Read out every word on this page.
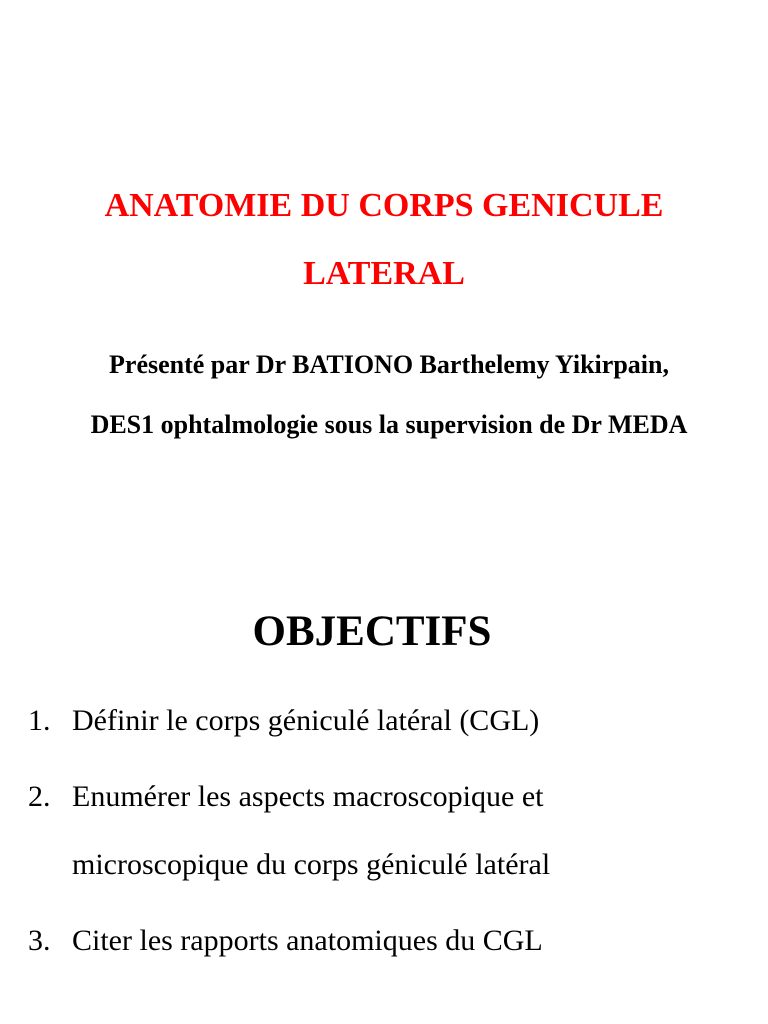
ANATOMIE DU CORPS GENICULE
LATERAL

Présenté par Dr BATIONO Barthelemy Yikirpain,

DES1 ophtalmologie sous la supervision de Dr MEDA

OBJECTIFS
1. Définir le corps géniculé latéral (CGL)
2. Enumérer les aspects macroscopique et
microscopique du corps géniculé latéral
3. Citer les rapports anatomiques du CGL
